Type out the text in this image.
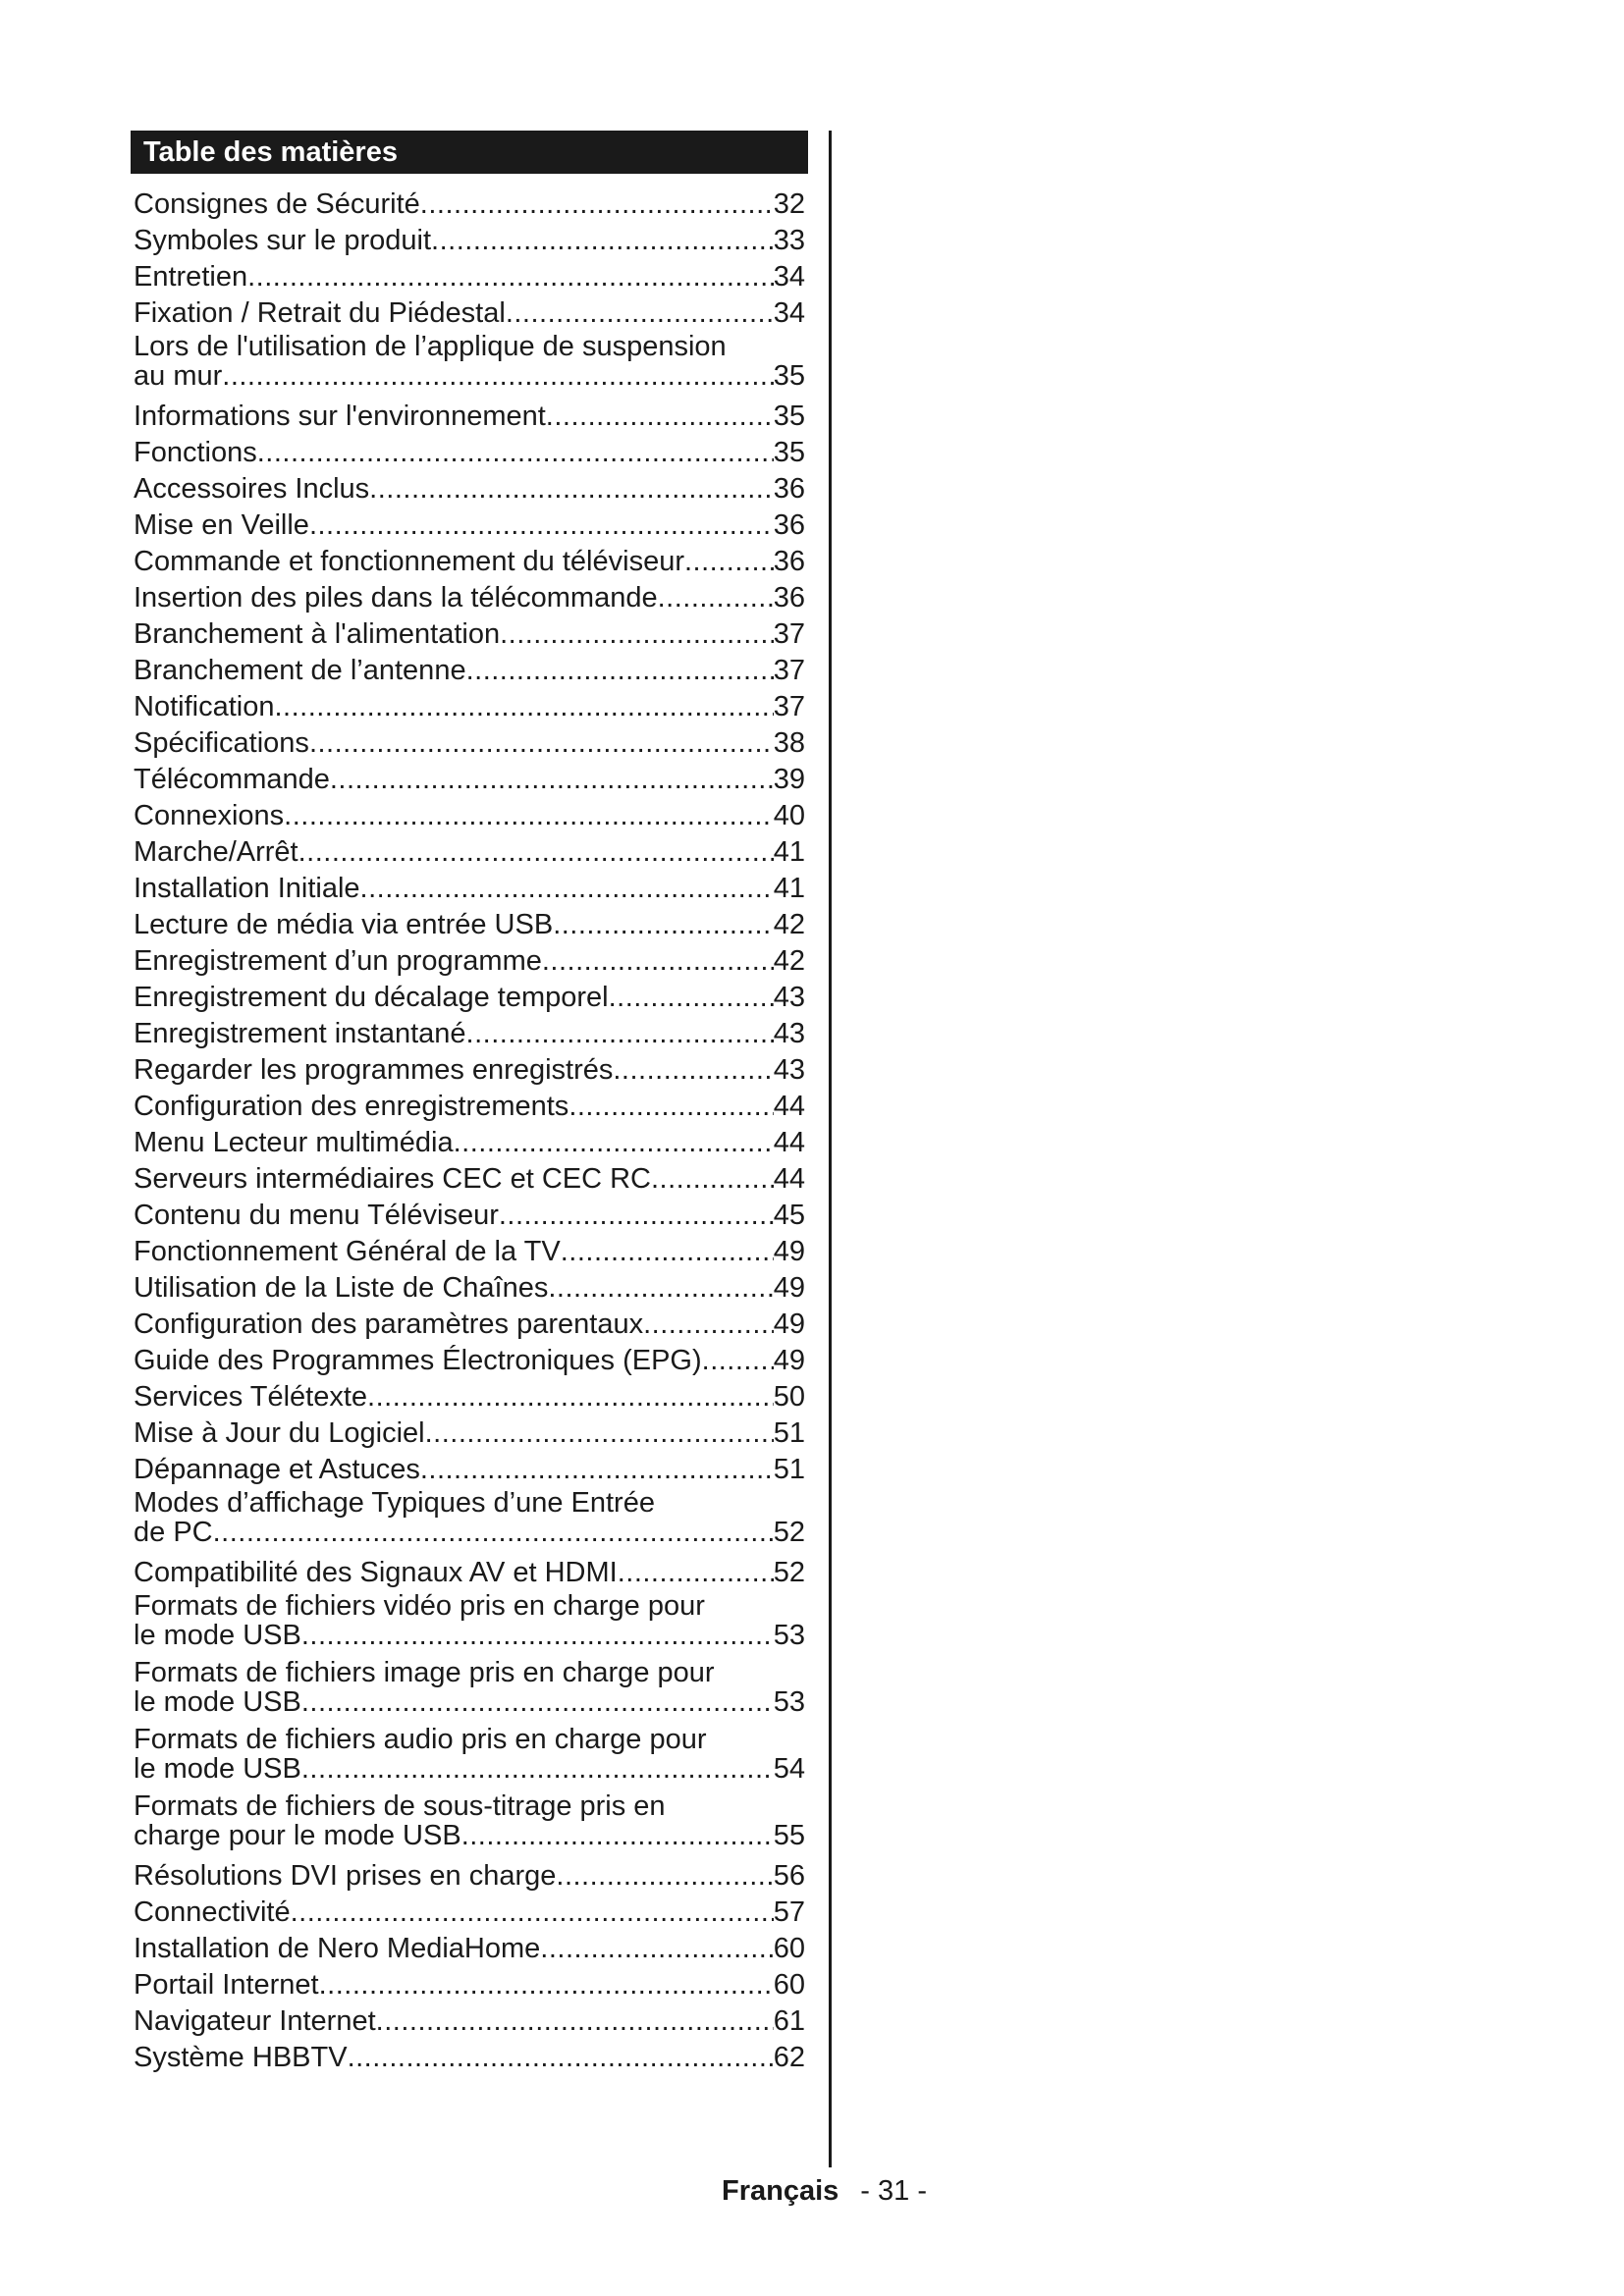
Table des matières
Consignes de Sécurité .....	32
Symboles sur le produit .....	33
Entretien .....	34
Fixation / Retrait du Piédestal .....	34
Lors de l'utilisation de l’applique de suspension
au mur .....	35
Informations sur l'environnement .....	35
Fonctions .....	35
Accessoires Inclus .....	36
Mise en Veille .....	36
Commande et fonctionnement du téléviseur .....	36
Insertion des piles dans la télécommande .....	36
Branchement à l'alimentation .....	37
Branchement de l’antenne .....	37
Notification .....	37
Spécifications .....	38
Télécommande .....	39
Connexions .....	40
Marche/Arrêt .....	41
Installation Initiale .....	41
Lecture de média via entrée USB .....	42
Enregistrement d’un programme .....	42
Enregistrement du décalage temporel .....	43
Enregistrement instantané .....	43
Regarder les programmes enregistrés .....	43
Configuration des enregistrements .....	44
Menu Lecteur multimédia .....	44
Serveurs intermédiaires CEC et CEC RC .....	44
Contenu du menu Téléviseur .....	45
Fonctionnement Général de la TV .....	49
Utilisation de la Liste de Chaînes .....	49
Configuration des paramètres parentaux .....	49
Guide des Programmes Électroniques (EPG) .....	49
Services Télétexte .....	50
Mise à Jour du Logiciel .....	51
Dépannage et Astuces .....	51
Modes d’affichage Typiques d’une Entrée
de PC .....	52
Compatibilité des Signaux AV et HDMI .....	52
Formats de fichiers vidéo pris en charge pour
le mode USB .....	53
Formats de fichiers image pris en charge pour
le mode USB .....	53
Formats de fichiers audio pris en charge pour
le mode USB .....	54
Formats de fichiers de sous-titrage pris en
charge pour le mode USB .....	55
Résolutions DVI prises en charge .....	56
Connectivité .....	57
Installation de Nero MediaHome .....	60
Portail Internet .....	60
Navigateur Internet .....	61
Système HBBTV .....	62
Français - 31 -
